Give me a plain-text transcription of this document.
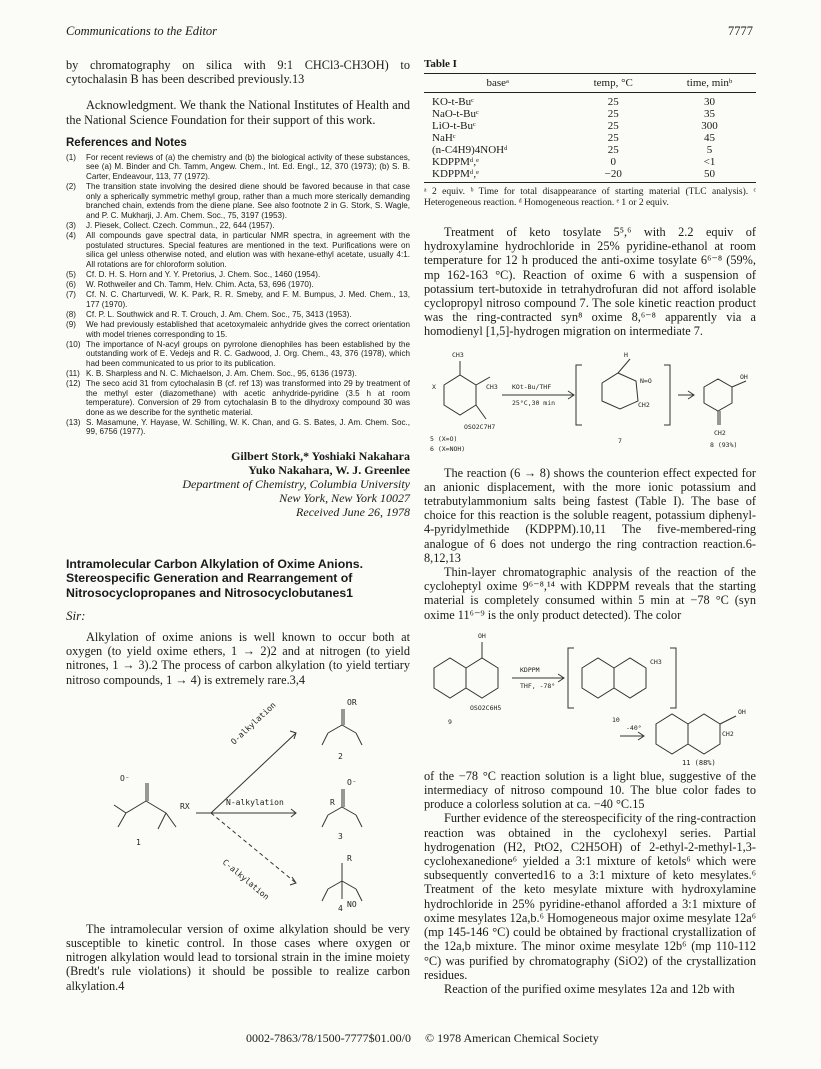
Communications to the Editor	7777

by chromatography on silica with 9:1 CHCl3-CH3OH) to cytochalasin B has been described previously.13

Acknowledgment. We thank the National Institutes of Health and the National Science Foundation for their support of this work.

References and Notes
(1)	For recent reviews of (a) the chemistry and (b) the biological activity of these substances, see (a) M. Binder and Ch. Tamm, Angew. Chem., Int. Ed. Engl., 12, 370 (1973); (b) S. B. Carter, Endeavour, 113, 77 (1972).
(2)	The transition state involving the desired diene should be favored because in that case only a spherically symmetric methyl group, rather than a much more sterically demanding branched chain, extends from the diene plane. See also footnote 2 in G. Stork, S. Wagle, and P. C. Mukharji, J. Am. Chem. Soc., 75, 3197 (1953).
(3)	J. Piesek, Collect. Czech. Commun., 22, 644 (1957).
(4)	All compounds gave spectral data, in particular NMR spectra, in agreement with the postulated structures. Special features are mentioned in the text. Purifications were on silica gel unless otherwise noted, and elution was with hexane-ethyl acetate, usually 4:1. All rotations are for chloroform solution.
(5)	Cf. D. H. S. Horn and Y. Y. Pretorius, J. Chem. Soc., 1460 (1954).
(6)	W. Rothweiler and Ch. Tamm, Helv. Chim. Acta, 53, 696 (1970).
(7)	Cf. N. C. Charturvedi, W. K. Park, R. R. Smeby, and F. M. Bumpus, J. Med. Chem., 13, 177 (1970).
(8)	Cf. P. L. Southwick and R. T. Crouch, J. Am. Chem. Soc., 75, 3413 (1953).
(9)	We had previously established that acetoxymaleic anhydride gives the correct orientation with model trienes corresponding to 15.
(10) The importance of N-acyl groups on pyrrolone dienophiles has been established by the outstanding work of E. Vedejs and R. C. Gadwood, J. Org. Chem., 43, 376 (1978), which had been communicated to us prior to its publication.
(11) K. B. Sharpless and N. C. Michaelson, J. Am. Chem. Soc., 95, 6136 (1973).
(12) The seco acid 31 from cytochalasin B (cf. ref 13) was transformed into 29 by treatment of the methyl ester (diazomethane) with acetic anhydride-pyridine (3.5 h at room temperature). Conversion of 29 from cytochalasin B to the dihydroxy compound 30 was done as we describe for the synthetic material.
(13) S. Masamune, Y. Hayase, W. Schilling, W. K. Chan, and G. S. Bates, J. Am. Chem. Soc., 99, 6756 (1977).
Gilbert Stork,* Yoshiaki Nakahara
Yuko Nakahara, W. J. Greenlee
Department of Chemistry, Columbia University
New York, New York 10027
Received June 26, 1978
Intramolecular Carbon Alkylation of Oxime Anions. Stereospecific Generation and Rearrangement of Nitrosocyclopropanes and Nitrosocyclobutanes1
Sir:

Alkylation of oxime anions is well known to occur both at oxygen (to yield oxime ethers, 1 → 2)2 and at nitrogen (to yield nitrones, 1 → 3).2 The process of carbon alkylation (to yield tertiary nitroso compounds, 1 → 4) is extremely rare.3,4

O⁻
RX
1
O-alkylation
N-alkylation
C-alkylation
OR
2
O⁻
R
3
R
NO
4

The intramolecular version of oxime alkylation should be very susceptible to kinetic control. In those cases where oxygen or nitrogen alkylation would lead to torsional strain in the imine moiety (Bredt's rule violations) it should be possible to realize carbon alkylation.4

Table I
baseᵃ	temp, °C	time, minᵇ
KO-t-Buᶜ	25	30
NaO-t-Buᶜ	25	35
LiO-t-Buᶜ	25	300
NaHᶜ	25	45
(n-C4H9)4NOHᵈ	25	5
KDPPMᵈ,ᵉ	0	<1
KDPPMᵈ,ᵉ	−20	50

ᵃ 2 equiv. ᵇ Time for total disappearance of starting material (TLC analysis). ᶜ Heterogeneous reaction. ᵈ Homogeneous reaction. ᵉ 1 or 2 equiv.

Treatment of keto tosylate 5⁵,⁶ with 2.2 equiv of hydroxylamine hydrochloride in 25% pyridine-ethanol at room temperature for 12 h produced the anti-oxime tosylate 6⁶⁻⁸ (59%, mp 162-163 °C). Reaction of oxime 6 with a suspension of potassium tert-butoxide in tetrahydrofuran did not afford isolable cyclopropyl nitroso compound 7. The sole kinetic reaction product was the ring-contracted syn⁸ oxime 8,⁶⁻⁸ apparently via a homodienyl [1,5]-hydrogen migration on intermediate 7.

CH3
X	CH3
OSO2C7H7
KOt-Bu/THF
25°C,30 min
H
N=O
CH2
OH
CH2
5 (X=O)
6 (X=NOH)
7	8 (93%)

The reaction (6 → 8) shows the counterion effect expected for an anionic displacement, with the more ionic potassium and tetrabutylammonium salts being fastest (Table I). The base of choice for this reaction is the soluble reagent, potassium diphenyl-4-pyridylmethide (KDPPM).10,11 The five-membered-ring analogue of 6 does not undergo the ring contraction reaction.6-8,12,13

Thin-layer chromatographic analysis of the reaction of the cycloheptyl oxime 9⁶⁻⁸,¹⁴ with KDPPM reveals that the starting material is completely consumed within 5 min at −78 °C (syn oxime 11⁶⁻⁹ is the only product detected). The color

OH
OSO2C6H5
KDPPM
THF, -78°
CH3
-40°
OH
CH2
9	10
11 (88%)

of the −78 °C reaction solution is a light blue, suggestive of the intermediacy of nitroso compound 10. The blue color fades to produce a colorless solution at ca. −40 °C.15

Further evidence of the stereospecificity of the ring-contraction reaction was obtained in the cyclohexyl series. Partial hydrogenation (H2, PtO2, C2H5OH) of 2-ethyl-2-methyl-1,3-cyclohexanedione⁶ yielded a 3:1 mixture of ketols⁶ which were subsequently converted16 to a 3:1 mixture of keto mesylates.⁶ Treatment of the keto mesylate mixture with hydroxylamine hydrochloride in 25% pyridine-ethanol afforded a 3:1 mixture of oxime mesylates 12a,b.⁶ Homogeneous major oxime mesylate 12a⁶ (mp 145-146 °C) could be obtained by fractional crystallization of the 12a,b mixture. The minor oxime mesylate 12b⁶ (mp 110-112 °C) was purified by chromatography (SiO2) of the crystallization residues.

Reaction of the purified oxime mesylates 12a and 12b with

0002-7863/78/1500-7777$01.00/0 © 1978 American Chemical Society
